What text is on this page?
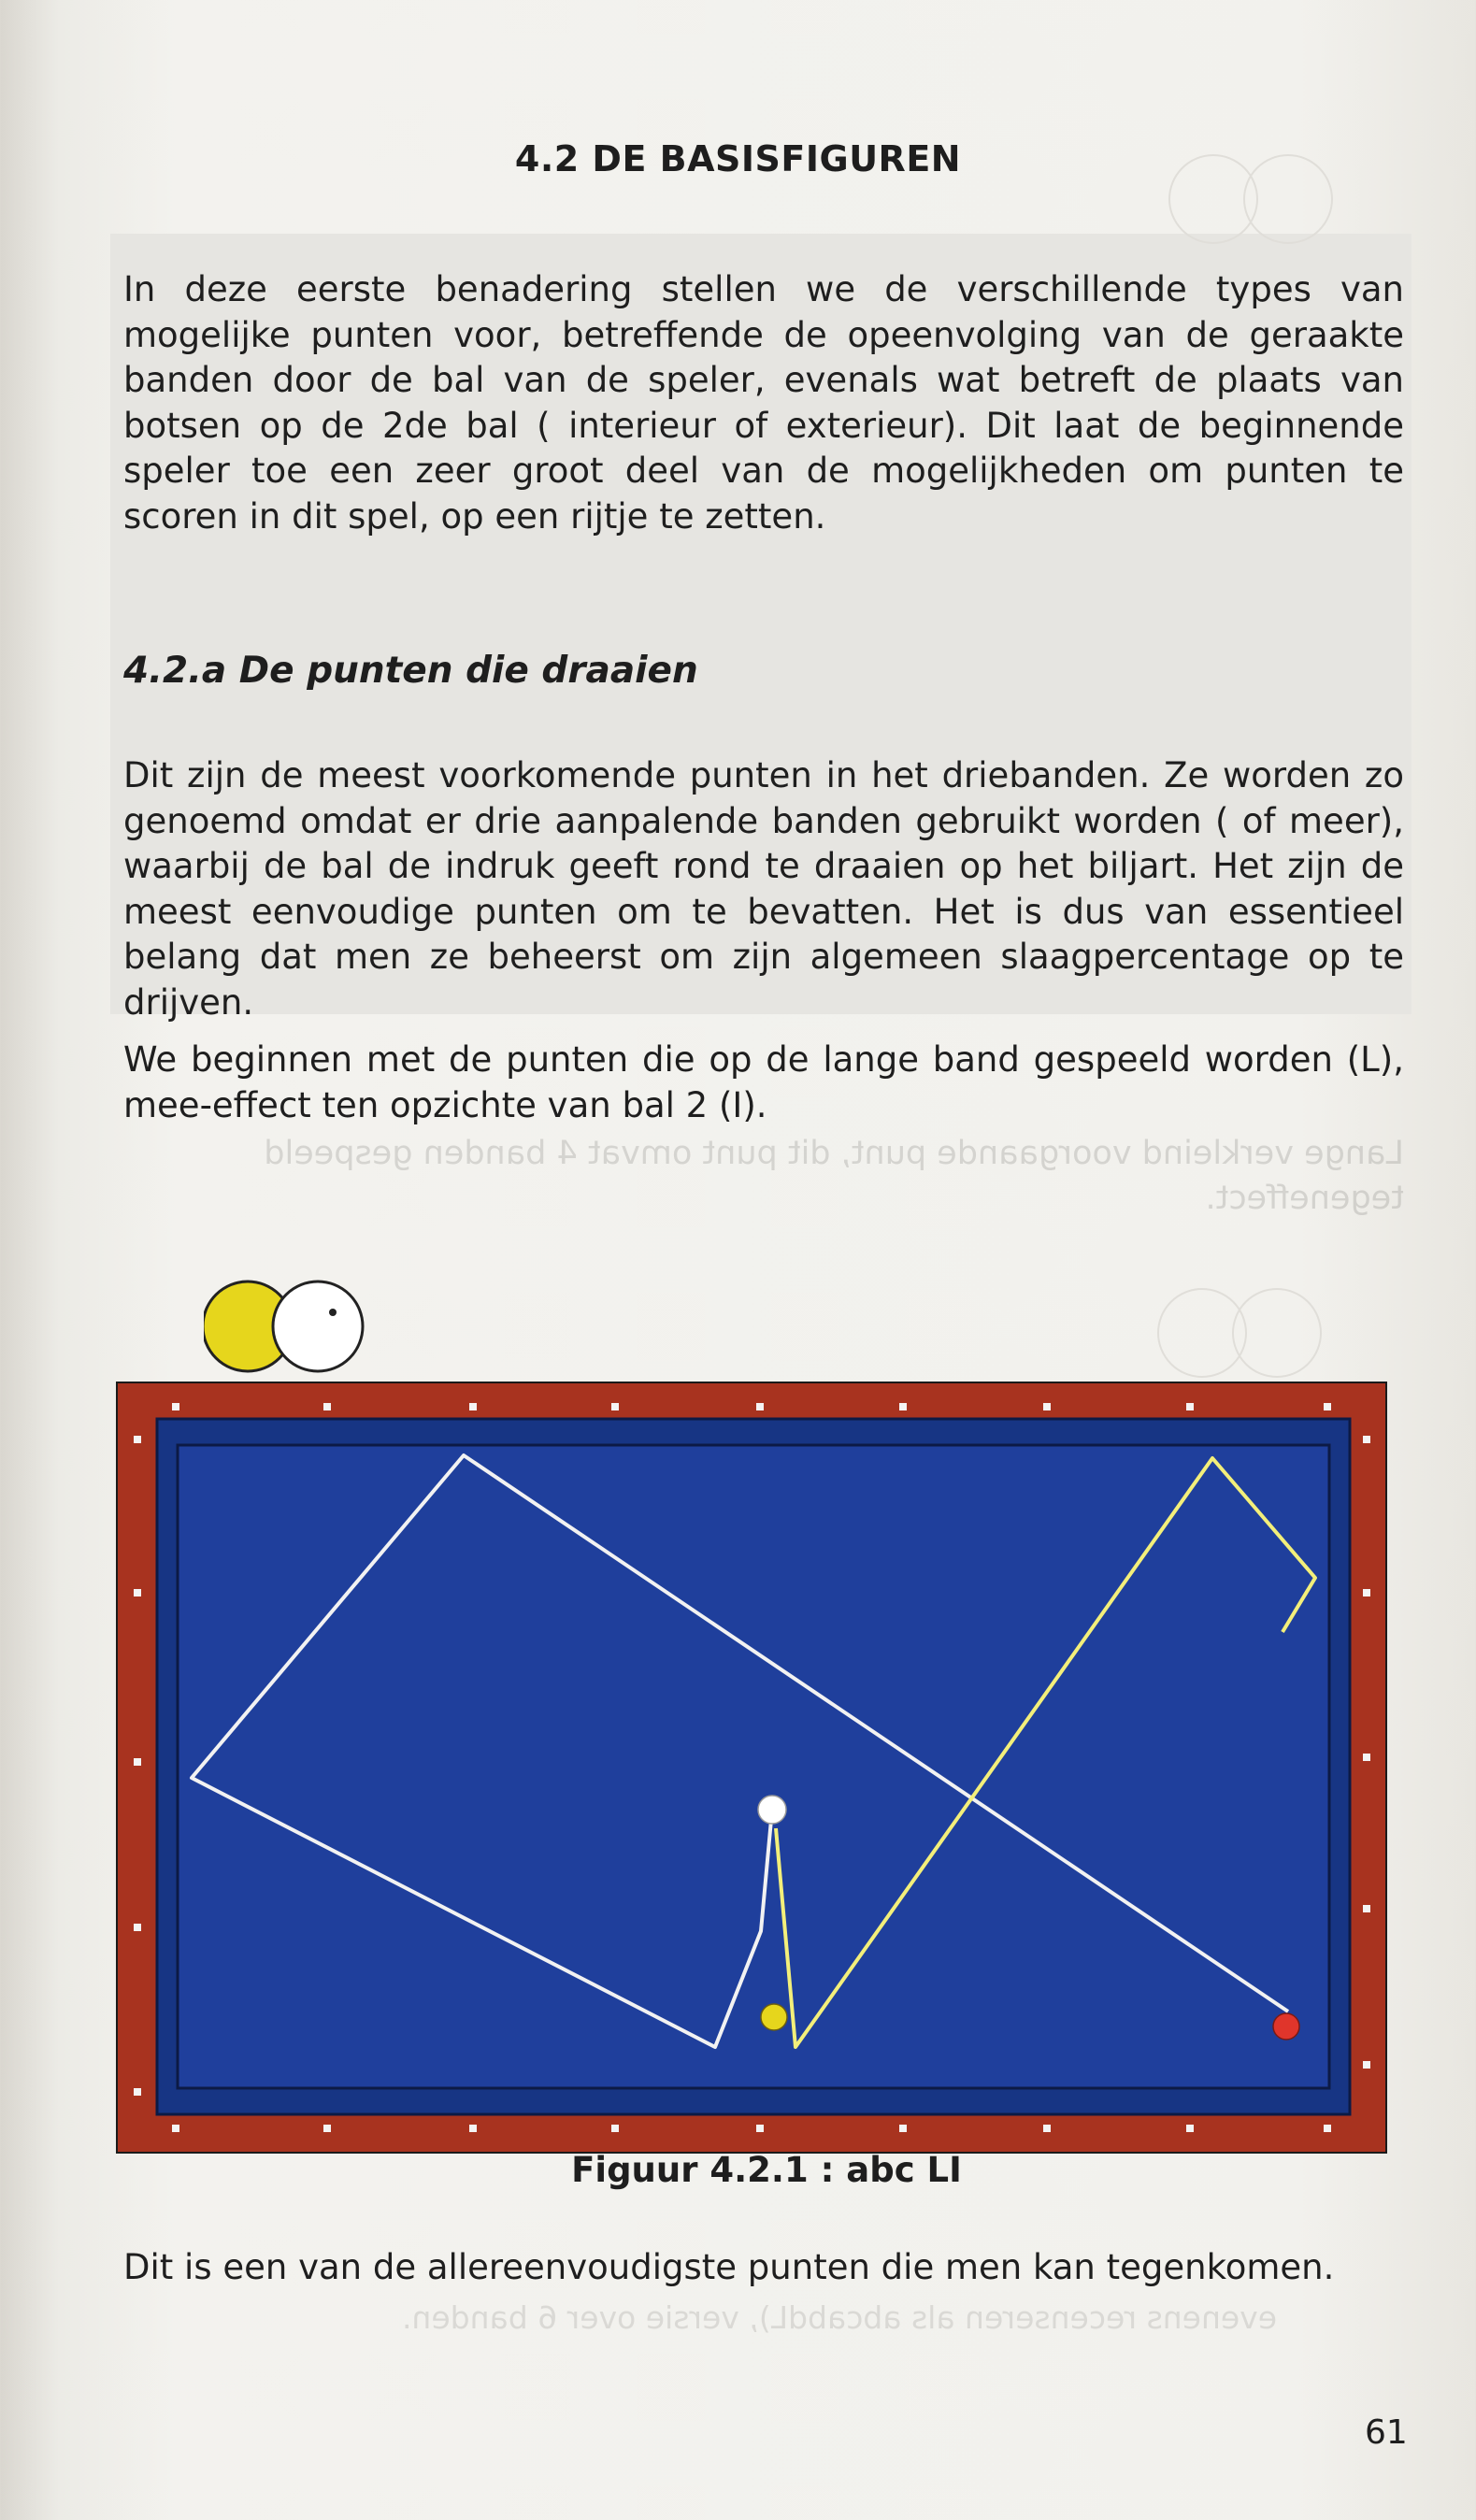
4.2 DE BASISFIGUREN

In deze eerste benadering stellen we de verschillende types van mogelijke punten voor, betreffende de opeenvolging van de geraakte banden door de bal van de speler, evenals wat betreft de plaats van botsen op de 2de bal ( interieur of exterieur). Dit laat de beginnende speler toe een zeer groot deel van de mogelijkheden om punten te scoren in dit spel, op een rijtje te zetten.

4.2.a De punten die draaien

Dit zijn de meest voorkomende punten in het driebanden. Ze worden zo genoemd omdat er drie aanpalende banden gebruikt worden ( of meer), waarbij de bal de indruk geeft rond te draaien op het biljart. Het zijn de meest eenvoudige punten om te bevatten. Het is dus van essentieel belang dat men ze beheerst om zijn algemeen slaagpercentage op te drijven.

We beginnen met de punten die op de lange band gespeeld worden (L), mee-effect ten opzichte van bal 2 (I).

Lange verkleind voorgaande punt, dit punt omvat 4 banden gespeeld tegeneffect.

Figuur 4.2.1 : abc LI

Dit is een van de allereenvoudigste punten die men kan tegenkomen.

evenens recenseren als abcabdL), versie over 6 banden.
61
